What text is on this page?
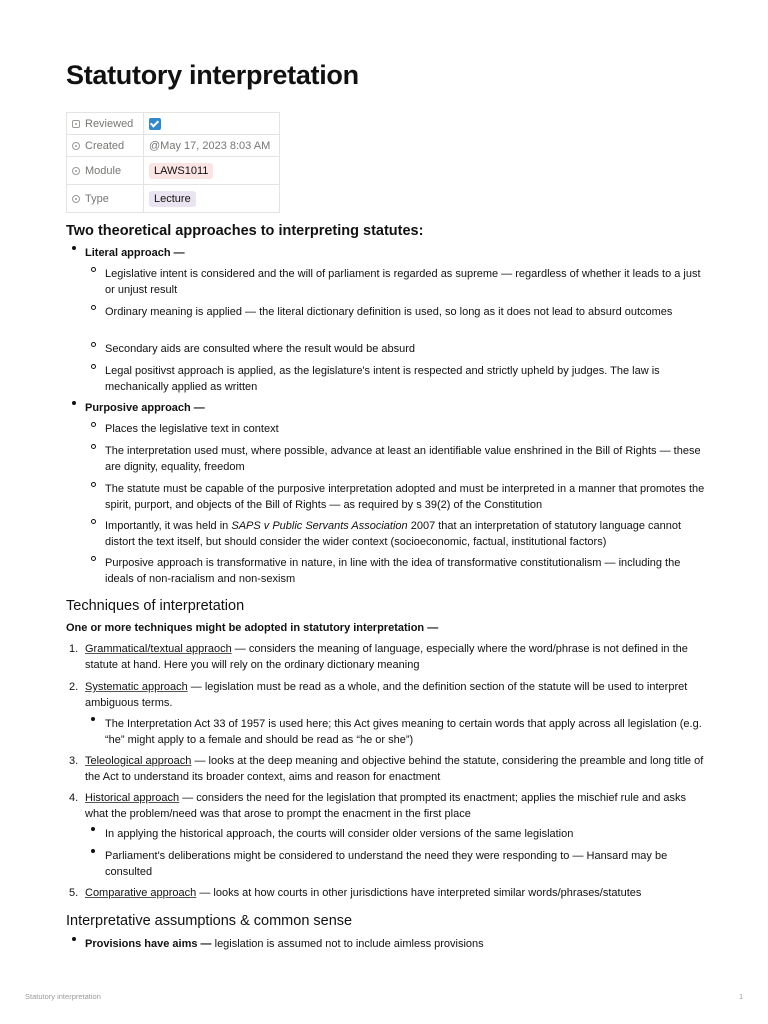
Statutory interpretation
Reviewed	
Created	@May 17, 2023 8:03 AM
Module	LAWS1011
Type	Lecture
Two theoretical approaches to interpreting statutes:
Literal approach —
Legislative intent is considered and the will of parliament is regarded as supreme — regardless of whether it leads to a just or unjust result
Ordinary meaning is applied — the literal dictionary definition is used, so long as it does not lead to absurd outcomes
Secondary aids are consulted where the result would be absurd
Legal positivst approach is applied, as the legislature's intent is respected and strictly upheld by judges. The law is mechanically applied as written
Purposive approach —
Places the legislative text in context
The interpretation used must, where possible, advance at least an identifiable value enshrined in the Bill of Rights — these are dignity, equality, freedom
The statute must be capable of the purposive interpretation adopted and must be interpreted in a manner that promotes the spirit, purport, and objects of the Bill of Rights — as required by s 39(2) of the Constitution
Importantly, it was held in SAPS v Public Servants Association 2007 that an interpretation of statutory language cannot distort the text itself, but should consider the wider context (socioeconomic, factual, institutional factors)
Purposive approach is transformative in nature, in line with the idea of transformative constitutionalism — including the ideals of non-racialism and non-sexism
Techniques of interpretation
One or more techniques might be adopted in statutory interpretation —
1. Grammatical/textual appraoch — considers the meaning of language, especially where the word/phrase is not defined in the statute at hand. Here you will rely on the ordinary dictionary meaning
2. Systematic approach — legislation must be read as a whole, and the definition section of the statute will be used to interpret ambiguous terms.
The Interpretation Act 33 of 1957 is used here; this Act gives meaning to certain words that apply across all legislation (e.g. “he” might apply to a female and should be read as “he or she”)
3. Teleological approach — looks at the deep meaning and objective behind the statute, considering the preamble and long title of the Act to understand its broader context, aims and reason for enactment
4. Historical approach — considers the need for the legislation that prompted its enactment; applies the mischief rule and asks what the problem/need was that arose to prompt the enacment in the first place
In applying the historical approach, the courts will consider older versions of the same legislation
Parliament's deliberations might be considered to understand the need they were responding to — Hansard may be consulted
5. Comparative approach — looks at how courts in other jurisdictions have interpreted similar words/phrases/statutes
Interpretative assumptions & common sense
Provisions have aims — legislation is assumed not to include aimless provisions
Statutory interpretation	1
